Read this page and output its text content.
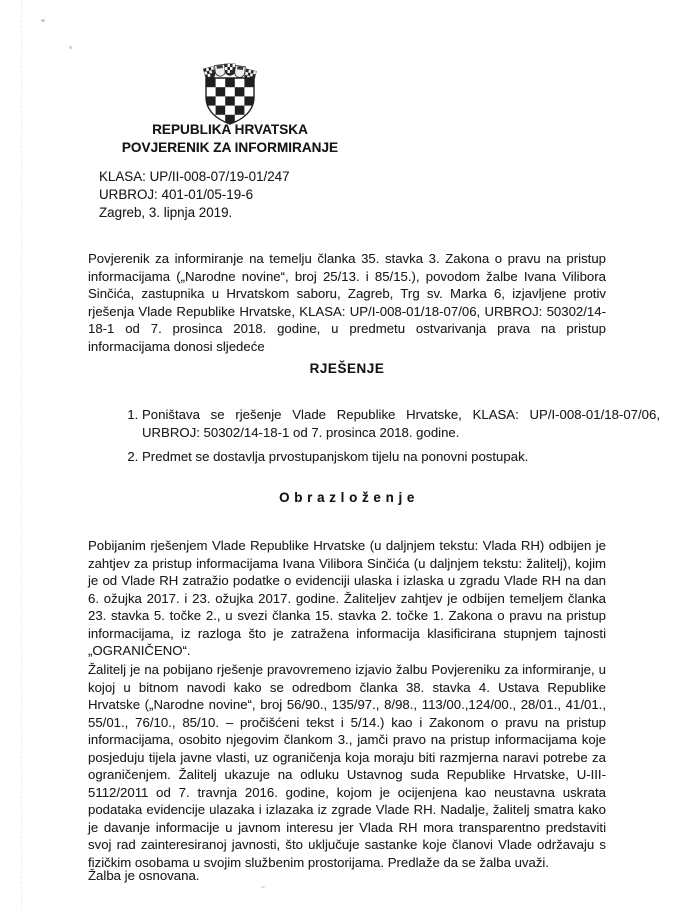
REPUBLIKA HRVATSKA
POVJERENIK ZA INFORMIRANJE
KLASA: UP/II-008-07/19-01/247
URBROJ: 401-01/05-19-6
Zagreb, 3. lipnja 2019.

Povjerenik za informiranje na temelju članka 35. stavka 3. Zakona o pravu na pristup informacijama („Narodne novine“, broj 25/13. i 85/15.), povodom žalbe Ivana Vilibora Sinčića, zastupnika u Hrvatskom saboru, Zagreb, Trg sv. Marka 6, izjavljene protiv rješenja Vlade Republike Hrvatske, KLASA: UP/I-008-01/18-07/06, URBROJ: 50302/14-18-1 od 7. prosinca 2018. godine, u predmetu ostvarivanja prava na pristup informacijama donosi sljedeće

RJEŠENJE
1. Poništava se rješenje Vlade Republike Hrvatske, KLASA: UP/I-008-01/18-07/06, URBROJ: 50302/14-18-1 od 7. prosinca 2018. godine.
2. Predmet se dostavlja prvostupanjskom tijelu na ponovni postupak.
O b r a z l o ž e n j e

Pobijanim rješenjem Vlade Republike Hrvatske (u daljnjem tekstu: Vlada RH) odbijen je zahtjev za pristup informacijama Ivana Vilibora Sinčića (u daljnjem tekstu: žalitelj), kojim je od Vlade RH zatražio podatke o evidenciji ulaska i izlaska u zgradu Vlade RH na dan 6. ožujka 2017. i 23. ožujka 2017. godine. Žaliteljev zahtjev je odbijen temeljem članka 23. stavka 5. točke 2., u svezi članka 15. stavka 2. točke 1. Zakona o pravu na pristup informacijama, iz razloga što je zatražena informacija klasificirana stupnjem tajnosti „OGRANIČENO“.

Žalitelj je na pobijano rješenje pravovremeno izjavio žalbu Povjereniku za informiranje, u kojoj u bitnom navodi kako se odredbom članka 38. stavka 4. Ustava Republike Hrvatske („Narodne novine“, broj 56/90., 135/97., 8/98., 113/00.,124/00., 28/01., 41/01., 55/01., 76/10., 85/10. – pročišćeni tekst i 5/14.) kao i Zakonom o pravu na pristup informacijama, osobito njegovim člankom 3., jamči pravo na pristup informacijama koje posjeduju tijela javne vlasti, uz ograničenja koja moraju biti razmjerna naravi potrebe za ograničenjem. Žalitelj ukazuje na odluku Ustavnog suda Republike Hrvatske, U-III-5112/2011 od 7. travnja 2016. godine, kojom je ocijenjena kao neustavna uskrata podataka evidencije ulazaka i izlazaka iz zgrade Vlade RH. Nadalje, žalitelj smatra kako je davanje informacije u javnom interesu jer Vlada RH mora transparentno predstaviti svoj rad zainteresiranoj javnosti, što uključuje sastanke koje članovi Vlade održavaju s fizičkim osobama u svojim službenim prostorijama. Predlaže da se žalba uvaži.

Žalba je osnovana.
